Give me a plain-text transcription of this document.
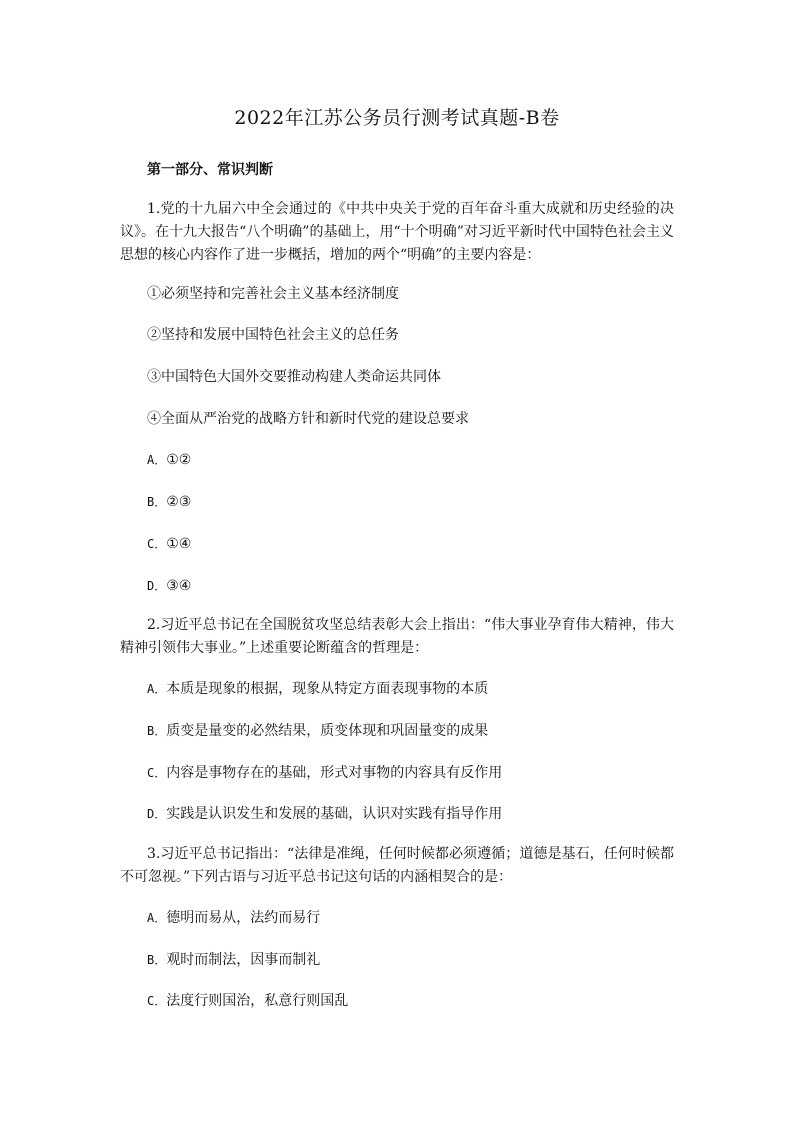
2022年江苏公务员行测考试真题-B卷
第一部分、常识判断

1.党的十九届六中全会通过的《中共中央关于党的百年奋斗重大成就和历史经验的决议》。在十九大报告“八个明确”的基础上，用“十个明确”对习近平新时代中国特色社会主义思想的核心内容作了进一步概括，增加的两个“明确”的主要内容是：

①必须坚持和完善社会主义基本经济制度
②坚持和发展中国特色社会主义的总任务
③中国特色大国外交要推动构建人类命运共同体
④全面从严治党的战略方针和新时代党的建设总要求
A．①②
B．②③
C．①④
D．③④

2.习近平总书记在全国脱贫攻坚总结表彰大会上指出：“伟大事业孕育伟大精神，伟大精神引领伟大事业。”上述重要论断蕴含的哲理是：

A．本质是现象的根据，现象从特定方面表现事物的本质
B．质变是量变的必然结果，质变体现和巩固量变的成果
C．内容是事物存在的基础，形式对事物的内容具有反作用
D．实践是认识发生和发展的基础，认识对实践有指导作用

3.习近平总书记指出：“法律是准绳，任何时候都必须遵循；道德是基石，任何时候都不可忽视。”下列古语与习近平总书记这句话的内涵相契合的是：

A．德明而易从，法约而易行
B．观时而制法，因事而制礼
C．法度行则国治，私意行则国乱
